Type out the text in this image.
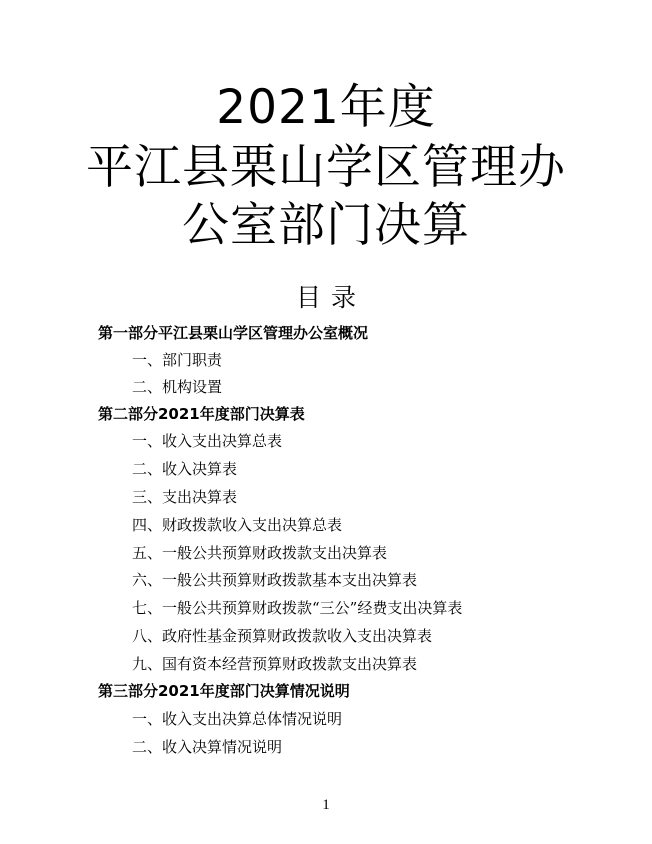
2021年度
平江县栗山学区管理办
公室部门决算
目录
第一部分平江县栗山学区管理办公室概况
一、部门职责
二、机构设置
第二部分2021年度部门决算表
一、收入支出决算总表
二、收入决算表
三、支出决算表
四、财政拨款收入支出决算总表
五、一般公共预算财政拨款支出决算表
六、一般公共预算财政拨款基本支出决算表
七、一般公共预算财政拨款“三公”经费支出决算表
八、政府性基金预算财政拨款收入支出决算表
九、国有资本经营预算财政拨款支出决算表
第三部分2021年度部门决算情况说明
一、收入支出决算总体情况说明
二、收入决算情况说明
1
